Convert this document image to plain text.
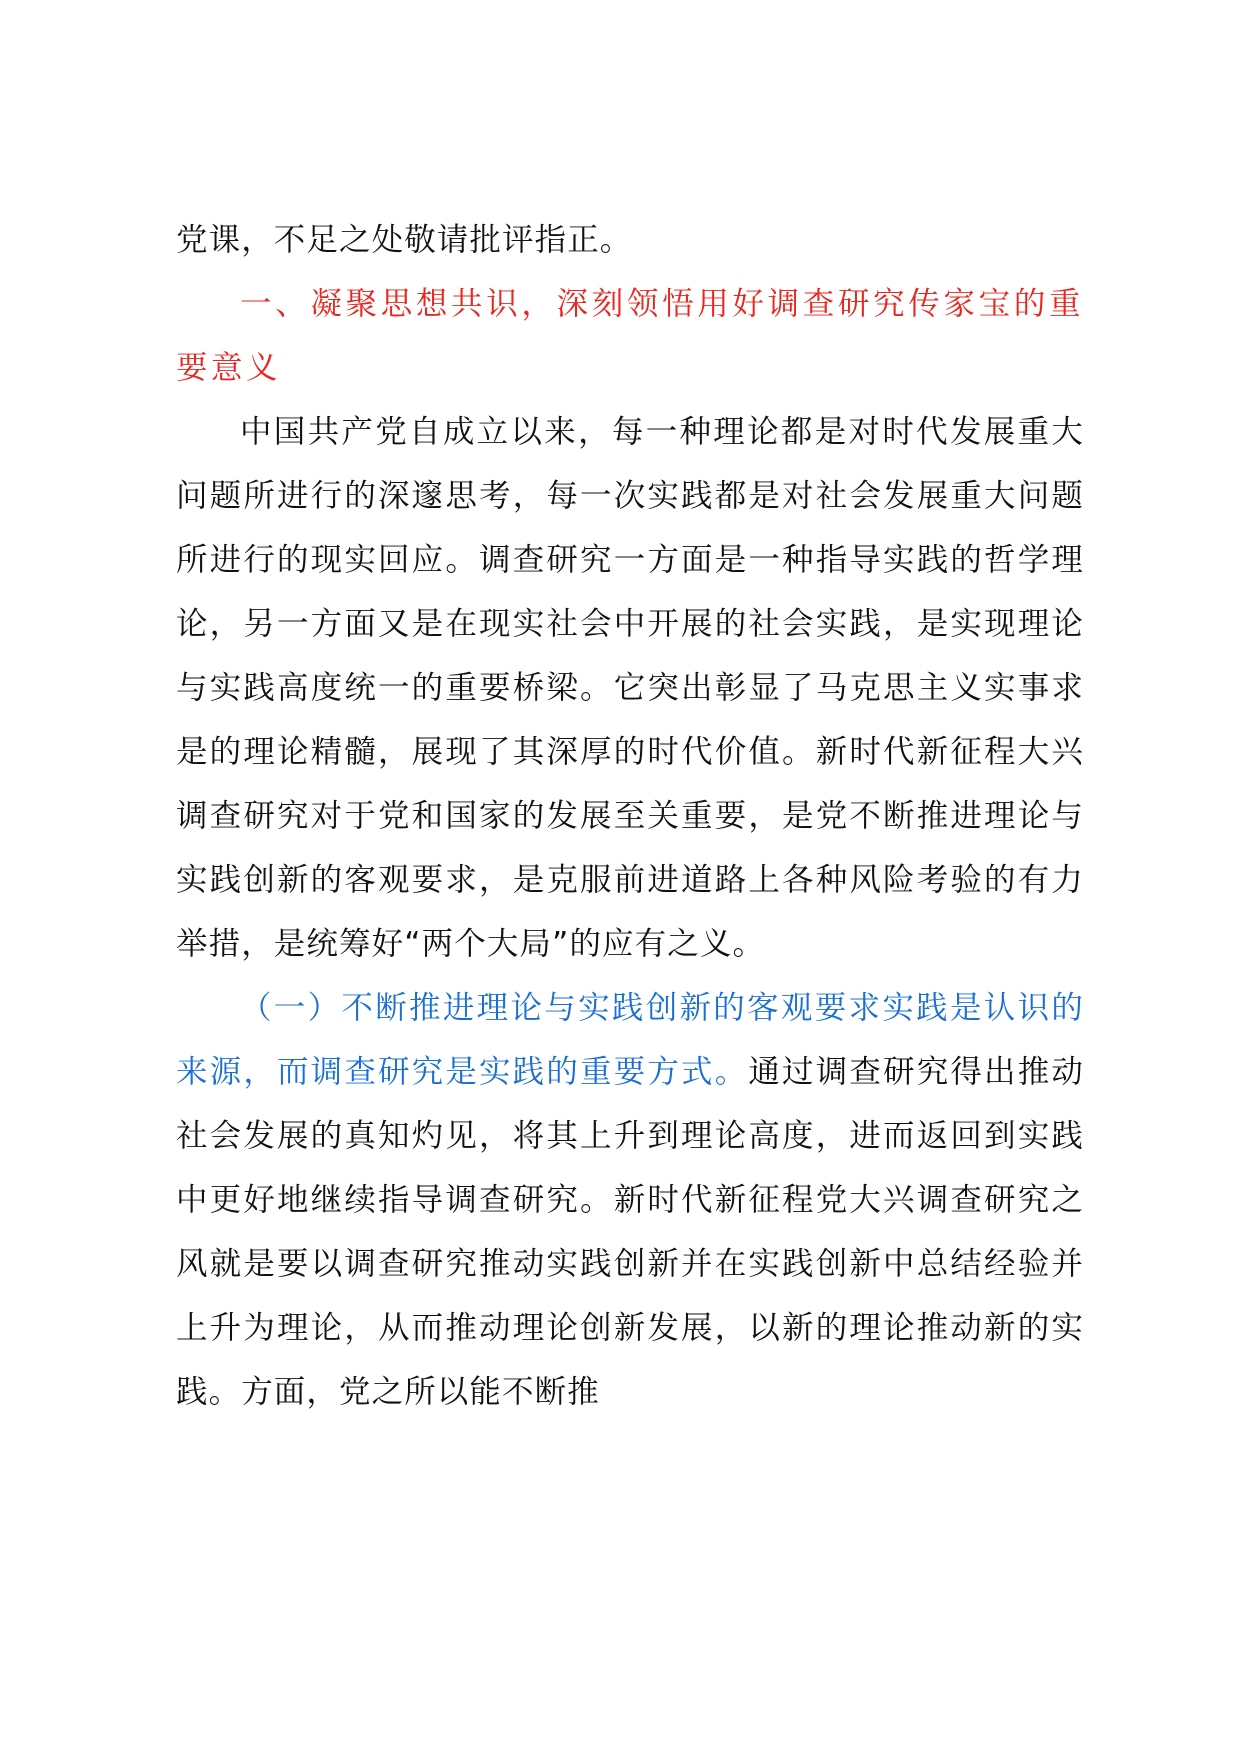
党课，不足之处敬请批评指正。

一、凝聚思想共识，深刻领悟用好调查研究传家宝的重要意义

中国共产党自成立以来，每一种理论都是对时代发展重大问题所进行的深邃思考，每一次实践都是对社会发展重大问题所进行的现实回应。调查研究一方面是一种指导实践的哲学理论，另一方面又是在现实社会中开展的社会实践，是实现理论与实践高度统一的重要桥梁。它突出彰显了马克思主义实事求是的理论精髓，展现了其深厚的时代价值。新时代新征程大兴调查研究对于党和国家的发展至关重要，是党不断推进理论与实践创新的客观要求，是克服前进道路上各种风险考验的有力举措，是统筹好“两个大局”的应有之义。

（一）不断推进理论与实践创新的客观要求实践是认识的来源，而调查研究是实践的重要方式。通过调查研究得出推动社会发展的真知灼见，将其上升到理论高度，进而返回到实践中更好地继续指导调查研究。新时代新征程党大兴调查研究之风就是要以调查研究推动实践创新并在实践创新中总结经验并上升为理论，从而推动理论创新发展，以新的理论推动新的实践。方面，党之所以能不断推
